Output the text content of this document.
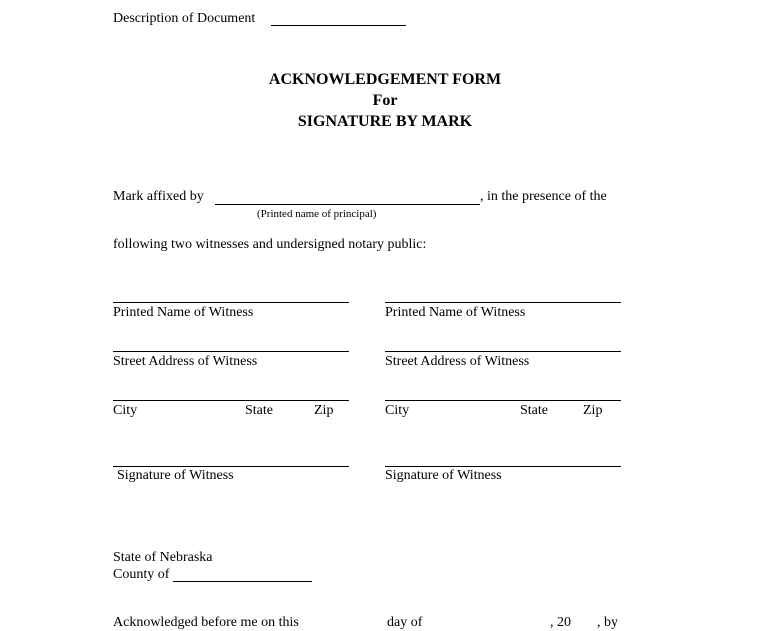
Description of Document
ACKNOWLEDGEMENT FORM
For
SIGNATURE BY MARK
Mark affixed by	, in the presence of the
(Printed name of principal)
following two witnesses and undersigned notary public:
Printed Name of Witness
Street Address of Witness
City	State	Zip
Signature of Witness
Printed Name of Witness
Street Address of Witness
City	State	Zip
Signature of Witness
State of Nebraska
County of
Acknowledged before me on this	day of	, 20 , by
